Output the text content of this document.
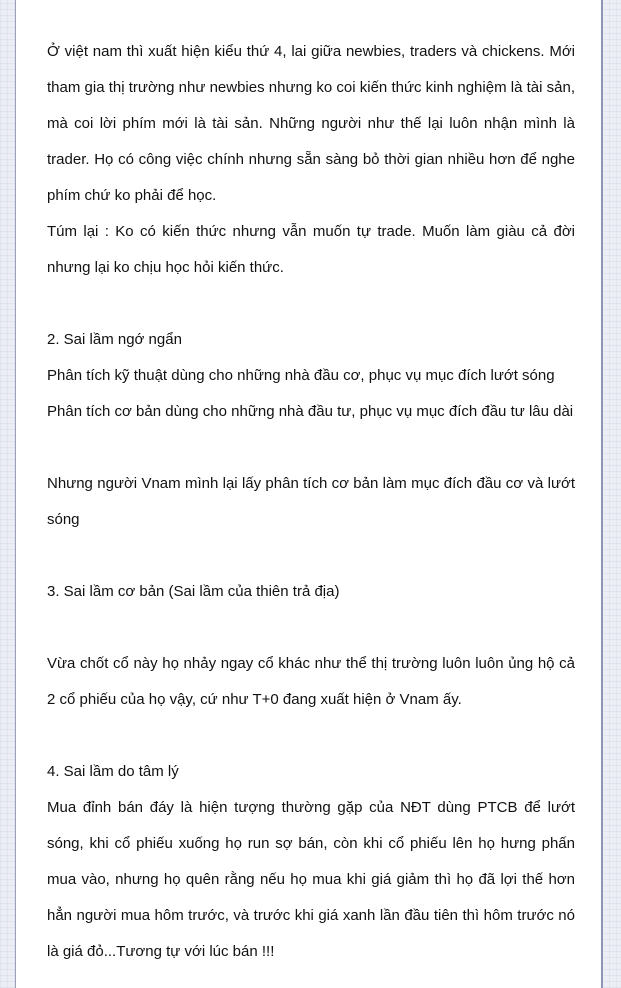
Ở việt nam thì xuất hiện kiểu thứ 4, lai giữa newbies, traders và chickens. Mới tham gia thị trường như newbies nhưng ko coi kiến thức kinh nghiệm là tài sản, mà coi lời phím mới là tài sản. Những người như thế lại luôn nhận mình là trader. Họ có công việc chính nhưng sẵn sàng bỏ thời gian nhiều hơn để nghe phím chứ ko phải để học.

Túm lại : Ko có kiến thức nhưng vẫn muốn tự trade. Muốn làm giàu cả đời nhưng lại ko chịu học hỏi kiến thức.

2. Sai lầm ngớ ngẩn

Phân tích kỹ thuật dùng cho những nhà đầu cơ, phục vụ mục đích lướt sóng

Phân tích cơ bản dùng cho những nhà đầu tư, phục vụ mục đích đầu tư lâu dài

Nhưng người Vnam mình lại lấy phân tích cơ bản làm mục đích đầu cơ và lướt sóng

3. Sai lầm cơ bản (Sai lầm của thiên trả địa)

Vừa chốt cổ này họ nhảy ngay cổ khác như thể thị trường luôn luôn ủng hộ cả 2 cổ phiếu của họ vậy, cứ như T+0 đang xuất hiện ở Vnam ấy.

4. Sai lầm do tâm lý

Mua đỉnh bán đáy là hiện tượng thường gặp của NĐT dùng PTCB để lướt sóng, khi cổ phiếu xuống họ run sợ bán, còn khi cổ phiếu lên họ hưng phấn mua vào, nhưng họ quên rằng nếu họ mua khi giá giảm thì họ đã lợi thế hơn hẳn người mua hôm trước, và trước khi giá xanh lần đầu tiên thì hôm trước nó là giá đỏ...Tương tự với lúc bán !!!
